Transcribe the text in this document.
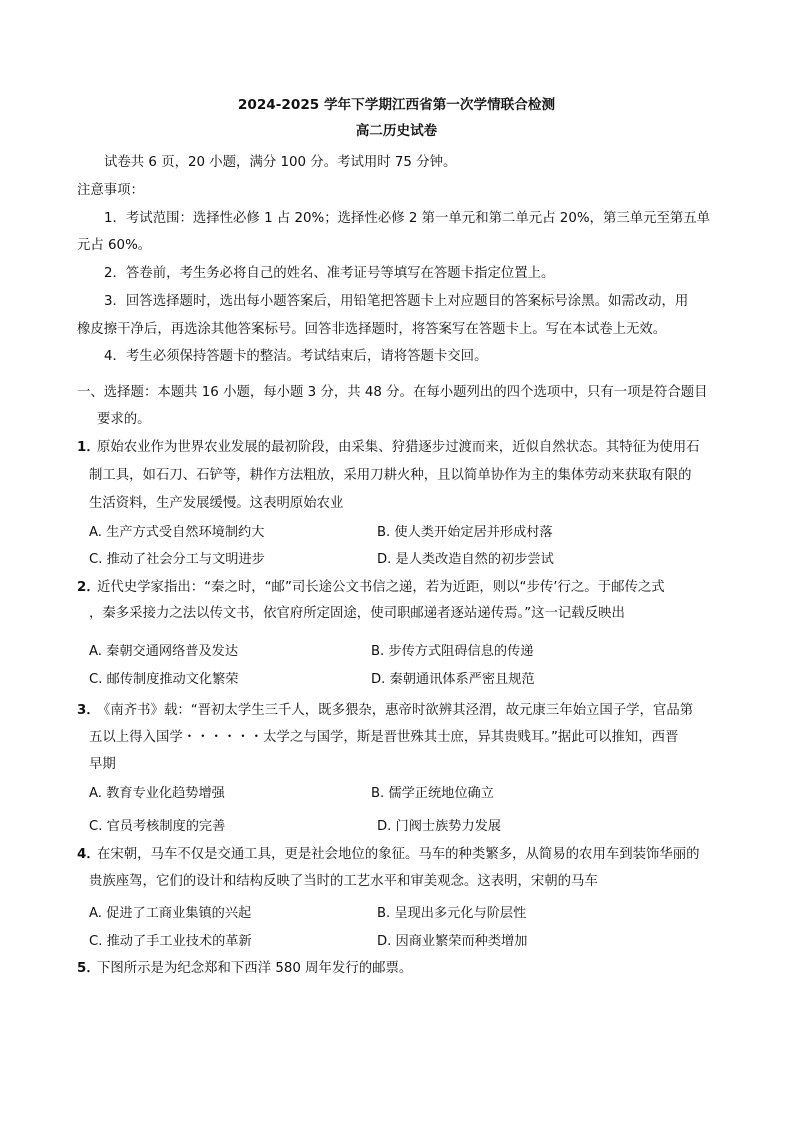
2024-2025 学年下学期江西省第一次学情联合检测
高二历史试卷
试卷共 6 页，20 小题，满分 100 分。考试用时 75 分钟。
注意事项：
1．考试范围：选择性必修 1 占 20%；选择性必修 2 第一单元和第二单元占 20%，第三单元至第五单
元占 60%。
2．答卷前，考生务必将自己的姓名、准考证号等填写在答题卡指定位置上。
3．回答选择题时，选出每小题答案后，用铅笔把答题卡上对应题目的答案标号涂黑。如需改动，用
橡皮擦干净后，再选涂其他答案标号。回答非选择题时，将答案写在答题卡上。写在本试卷上无效。
4．考生必须保持答题卡的整洁。考试结束后，请将答题卡交回。
一、选择题：本题共 16 小题，每小题 3 分，共 48 分。在每小题列出的四个选项中，只有一项是符合题目
要求的。
1．
原始农业作为世界农业发展的最初阶段，由采集、狩猎逐步过渡而来，近似自然状态。其特征为使用石
制工具，如石刀、石铲等，耕作方法粗放，采用刀耕火种，且以简单协作为主的集体劳动来获取有限的
生活资料，生产发展缓慢。这表明原始农业
A. 生产方式受自然环境制约大	B. 使人类开始定居并形成村落
C. 推动了社会分工与文明进步	D. 是人类改造自然的初步尝试
2．
近代史学家指出：“秦之时，“邮”司长途公文书信之递，若为近距，则以“步传’行之。于邮传之式
，秦多采接力之法以传文书，依官府所定固途，使司职邮递者逐站递传焉。”这一记载反映出
A. 秦朝交通网络普及发达	B. 步传方式阻碍信息的传递
C. 邮传制度推动文化繁荣	D. 秦朝通讯体系严密且规范
3．
《南齐书》载：“晋初太学生三千人，既多猥杂，惠帝时欲辨其泾渭，故元康三年始立国子学，官品第
五以上得入国学・・・・・・太学之与国学，斯是晋世殊其士庶，异其贵贱耳。”据此可以推知，西晋
早期
A. 教育专业化趋势增强	B. 儒学正统地位确立
C. 官员考核制度的完善	D. 门阀士族势力发展
4．
在宋朝，马车不仅是交通工具，更是社会地位的象征。马车的种类繁多，从简易的农用车到装饰华丽的
贵族座驾，它们的设计和结构反映了当时的工艺水平和审美观念。这表明，宋朝的马车
A. 促进了工商业集镇的兴起	B. 呈现出多元化与阶层性
C. 推动了手工业技术的革新	D. 因商业繁荣而种类增加
5．
下图所示是为纪念郑和下西洋 580 周年发行的邮票。
